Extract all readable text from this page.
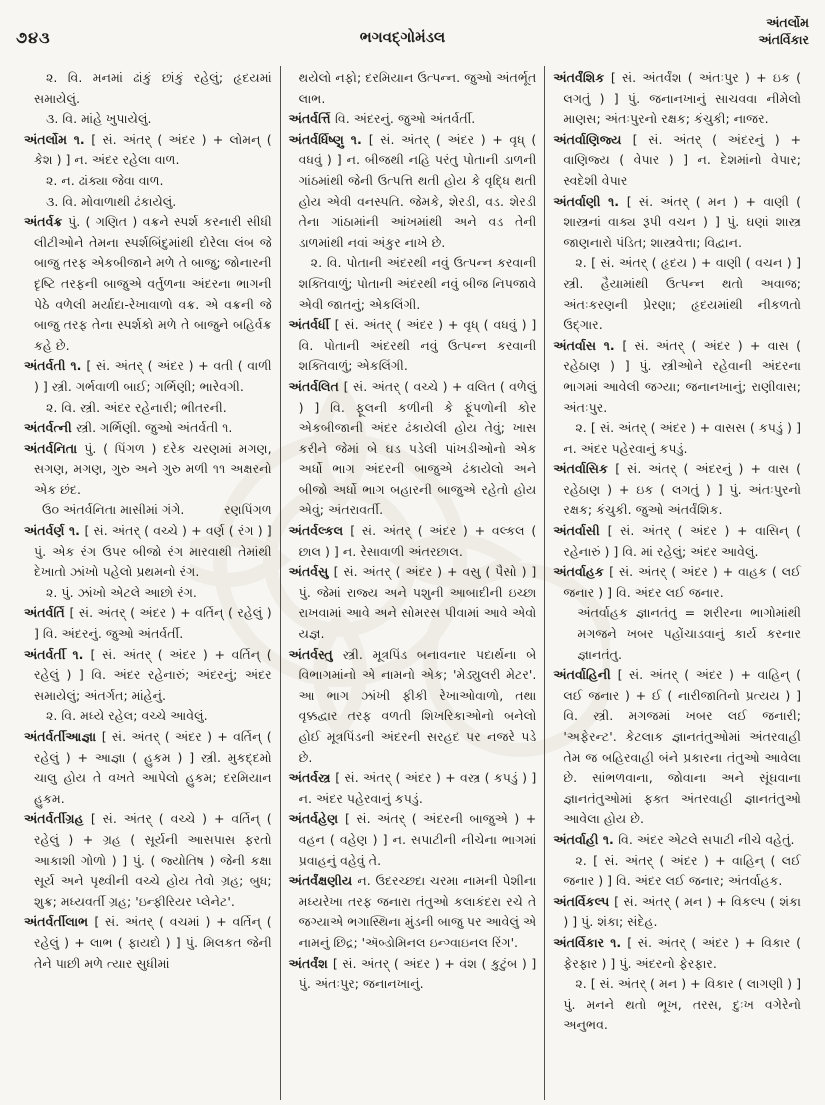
૭૪૩	ભગવદ્ગોમંડલ
અંતર્લોમ
અંતર્વિકાર

૨. વિ. મનમાં ઢાંકું છાંકું રહેલું; હૃદયમાં સમાયેલું.

૩. વિ. માંહે ખુપાયેલું.

અંતર્લોમ ૧. [ સં. અંતર્ ( અંદર ) + લોમન્ ( કેશ ) ] ન. અંદર રહેલા વાળ.

૨. ન. ઢાંક્યા જેવા વાળ.

૩. વિ. મોવાળાથી ઢંકાયેલું.

અંતર્વક્ર પું. ( ગણિત ) વક્રને સ્પર્શ કરનારી સીધી લીટીઓને તેમના સ્પર્શબિંદુમાંથી દોરેલા લંબ જે બાજુ તરફ એકબીજાને મળે તે બાજુ; જોનારની દૃષ્ટિ તરફની બાજુએ વર્તુળના અંદરના ભાગની પેઠે વળેલી મર્યાદા-રેખાવાળો વક્ર. એ વક્રની જે બાજુ તરફ તેના સ્પર્શકો મળે તે બાજુને બહિર્વક્ર કહે છે.

અંતર્વતી ૧. [ સં. અંતર્ ( અંદર ) + વતી ( વાળી ) ] સ્ત્રી. ગર્ભવાળી બાઈ; ગર્ભિણી; ભારેવગી.

૨. વિ. સ્ત્રી. અંદર રહેનારી; ભીતરની.

અંતર્વત્ની સ્ત્રી. ગર્ભિણી. જુઓ અંતર્વતી ૧.

અંતર્વનિતા પું. ( પિંગળ ) દરેક ચરણમાં મગણ, સગણ, મગણ, ગુરુ અને ગુરુ મળી ૧૧ અક્ષરનો એક છંદ.

ઉ૦ અંતર્વનિતા માસીમાં ગંગે.	રણપિંગળ

અંતર્વર્ણ ૧. [ સં. અંતર્ ( વચ્ચે ) + વર્ણ ( રંગ ) ] પું. એક રંગ ઉપર બીજો રંગ મારવાથી તેમાંથી દેખાતો ઝાંખો પહેલો પ્રથમનો રંગ.

૨. પું. ઝાંખો એટલે આછો રંગ.

અંતર્વર્તિ [ સં. અંતર્ ( અંદર ) + વર્તિન્ ( રહેલું ) ] વિ. અંદરનું. જુઓ અંતર્વર્તી.

અંતર્વર્તી ૧. [ સં. અંતર્ ( અંદર ) + વર્તિન્ ( રહેલું ) ] વિ. અંદર રહેનારું; અંદરનું; અંદર સમાયેલું; અંતર્ગત; માંહેનું.

૨. વિ. મધ્યે રહેલ; વચ્ચે આવેલું.

અંતર્વર્તીઆજ્ઞા [ સં. અંતર્ ( અંદર ) + વર્તિન્ ( રહેલું ) + આજ્ઞા ( હુકમ ) ] સ્ત્રી. મુકદ્દમો ચાલુ હોય તે વખતે આપેલો હુકમ; દરમિયાન હુકમ.

અંતર્વર્તીગ્રહ [ સં. અંતર્ ( વચ્ચે ) + વર્તિન્ ( રહેલું ) + ગ્રહ ( સૂર્યની આસપાસ ફરતો આકાશી ગોળો ) ] પું. ( જ્યોતિષ ) જેની કક્ષા સૂર્ય અને પૃથ્વીની વચ્ચે હોય તેવો ગ્રહ; બુધ; શુક્ર; મધ્યવર્તી ગ્રહ; 'ઇન્ફીરિયર પ્લેનેટ'.

અંતર્વર્તીલાભ [ સં. અંતર્ ( વચમાં ) + વર્તિન્ ( રહેલું ) + લાભ ( ફાયદો ) ] પું. મિલકત જેની તેને પાછી મળે ત્યાર સુધીમાં

થયેલો નફો; દરમિયાન ઉત્પન્ન. જુઓ અંતર્ભૂત લાભ.

અંતર્વર્ત્તિ વિ. અંદરનું. જુઓ અંતર્વર્તી.

અંતર્વર્ધિષ્ણુ ૧. [ સં. અંતર્ ( અંદર ) + વૃધ્ ( વધવું ) ] ન. બીજથી નહિ પરંતુ પોતાની ડાળની ગાંઠમાંથી જેની ઉત્પત્તિ થતી હોય કે વૃદ્ધિ થતી હોય એવી વનસ્પતિ. જેમકે, શેરડી, વડ. શેરડી તેના ગાંઠામાંની આંખમાંથી અને વડ તેની ડાળમાંથી નવાં અંકુર નાખે છે.

૨. વિ. પોતાની અંદરથી નવું ઉત્પન્ન કરવાની શક્તિવાળું; પોતાની અંદરથી નવું બીજ નિપજાવે એવી જાતનું; એકલિંગી.

અંતર્વર્ધી [ સં. અંતર્ ( અંદર ) + વૃધ્ ( વધવું ) ] વિ. પોતાની અંદરથી નવું ઉત્પન્ન કરવાની શક્તિવાળું; એકલિંગી.

અંતર્વલિત [ સં. અંતર્ ( વચ્ચે ) + વલિત ( વળેલું ) ] વિ. ફૂલની કળીની કે ફૂંપળોની કોર એકબીજાની અંદર ઢંકાયેલી હોય તેવું; ખાસ કરીને જેમાં બે ઘડ પડેલી પાંખડીઓનો એક અર્ધો ભાગ અંદરની બાજુએ ઢંકાયેલો અને બીજો અર્ધો ભાગ બહારની બાજુએ રહેતો હોય એવું; અંતરાવર્તી.

અંતર્વલ્કલ [ સં. અંતર્ ( અંદર ) + વલ્કલ ( છાલ ) ] ન. રેસાવાળી અંતરછાલ.

અંતર્વસુ [ સં. અંતર્ ( અંદર ) + વસુ ( પૈસો ) ] પું. જેમાં રાજ્ય અને પશુની આબાદીની ઇચ્છા રાખવામાં આવે અને સોમરસ પીવામાં આવે એવો યજ્ઞ.

અંતર્વસ્તુ સ્ત્રી. મૂત્રપિંડ બનાવનાર પદાર્થના બે વિભાગમાંનો એ નામનો એક; 'મેડ્યુલરી મેટર'. આ ભાગ ઝાંખી ફીકી રેખાઓવાળો, તથા વૃક્કદ્વાર તરફ વળતી શિખરિકાઓનો બનેલો હોઈ મૂત્રપિંડની અંદરની સરહદ પર નજરે પડે છે.

અંતર્વસ્ત્ર [ સં. અંતર્ ( અંદર ) + વસ્ત્ર ( કપડું ) ] ન. અંદર પહેરવાનું કપડું.

અંતર્વહેણ [ સં. અંતર્ ( અંદરની બાજુએ ) + વહન ( વહેણ ) ] ન. સપાટીની નીચેના ભાગમાં પ્રવાહનું વહેવું તે.

અંતર્વંક્ષણીય ન. ઉદરચ્છદા ચરમા નામની પેશીના મધ્યરેખા તરફ જનારા તંતુઓ કલાકંદરા રચે તે જગ્યાએ ભગાસ્થિના મુંડની બાજુ પર આવેલું એ નામનું છિદ્ર; 'ઍબ્ડોમિનલ ઇન્ગ્વાઇનલ રિંગ'.

અંતર્વંશ [ સં. અંતર્ ( અંદર ) + વંશ ( કુટુંબ ) ] પું. અંતઃપુર; જનાનખાનું.

અંતર્વંશિક [ સં. અંતર્વંશ ( અંતઃપુર ) + ઇક ( લગતું ) ] પું. જનાનખાનું સાચવવા નીમેલો માણસ; અંતઃપુરનો રક્ષક; કંચુકી; નાજર.

અંતર્વાણિજ્ય [ સં. અંતર્ ( અંદરનું ) + વાણિજ્ય ( વેપાર ) ] ન. દેશમાંનો વેપાર; સ્વદેશી વેપાર

અંતર્વાણી ૧. [ સં. અંતર્ ( મન ) + વાણી ( શાસ્ત્રનાં વાક્ય રૂપી વચન ) ] પું. ઘણાં શાસ્ત્ર જાણનારો પંડિત; શાસ્ત્રવેત્તા; વિદ્વાન.

૨. [ સં. અંતર્ ( હૃદય ) + વાણી ( વચન ) ] સ્ત્રી. હૈયામાંથી ઉત્પન્ન થતો અવાજ; અંતઃકરણની પ્રેરણા; હૃદયમાંથી નીકળતો ઉદ્ગાર.

અંતર્વાસ ૧. [ સં. અંતર્ ( અંદર ) + વાસ ( રહેઠાણ ) ] પું. સ્ત્રીઓને રહેવાની અંદરના ભાગમાં આવેલી જગ્યા; જનાનખાનું; રાણીવાસ; અંતઃપુર.

૨. [ સં. અંતર્ ( અંદર ) + વાસસ ( કપડું ) ] ન. અંદર પહેરવાનું કપડું.

અંતર્વાસિક [ સં. અંતર્ ( અંદરનું ) + વાસ ( રહેઠાણ ) + ઇક ( લગતું ) ] પું. અંતઃપુરનો રક્ષક; કંચુકી. જુઓ અંતર્વંશિક.

અંતર્વાસી [ સં. અંતર્ ( અંદર ) + વાસિન્ ( રહેનારું ) ] વિ. માં રહેલું; અંદર આવેલું.

અંતર્વાહક [ સં. અંતર્ ( અંદર ) + વાહક ( લઈ જનાર ) ] વિ. અંદર લઈ જનાર.

અંતર્વાહક જ્ઞાનતંતુ = શરીરના ભાગોમાંથી મગજને ખબર પહોંચાડવાનું કાર્ય કરનાર જ્ઞાનતંતુ.

અંતર્વાહિની [ સં. અંતર્ ( અંદર ) + વાહિન્ ( લઈ જનાર ) + ઈ ( નારીજાતિનો પ્રત્યય ) ] વિ. સ્ત્રી. મગજમાં ખબર લઈ જનારી; 'અફેરન્ટ'. કેટલાક જ્ઞાનતંતુઓમાં અંતરવાહી તેમ જ બહિરવાહી બંને પ્રકારના તંતુઓ આવેલા છે. સાંભળવાના, જોવાના અને સૂંઘવાના જ્ઞાનતંતુઓમાં ફક્ત અંતરવાહી જ્ઞાનતંતુઓ આવેલા હોય છે.

અંતર્વાહી ૧. વિ. અંદર એટલે સપાટી નીચે વહેતું.

૨. [ સં. અંતર્ ( અંદર ) + વાહિન્ ( લઈ જનાર ) ] વિ. અંદર લઈ જનાર; અંતર્વાહક.

અંતર્વિકલ્પ [ સં. અંતર્ ( મન ) + વિકલ્પ ( શંકા ) ] પું. શંકા; સંદેહ.

અંતર્વિકાર ૧. [ સં. અંતર્ ( અંદર ) + વિકાર ( ફેરફાર ) ] પું. અંદરનો ફેરફાર.

૨. [ સં. અંતર્ ( મન ) + વિકાર ( લાગણી ) ] પું. મનને થતો ભૂખ, તરસ, દુઃખ વગેરેનો અનુભવ.
